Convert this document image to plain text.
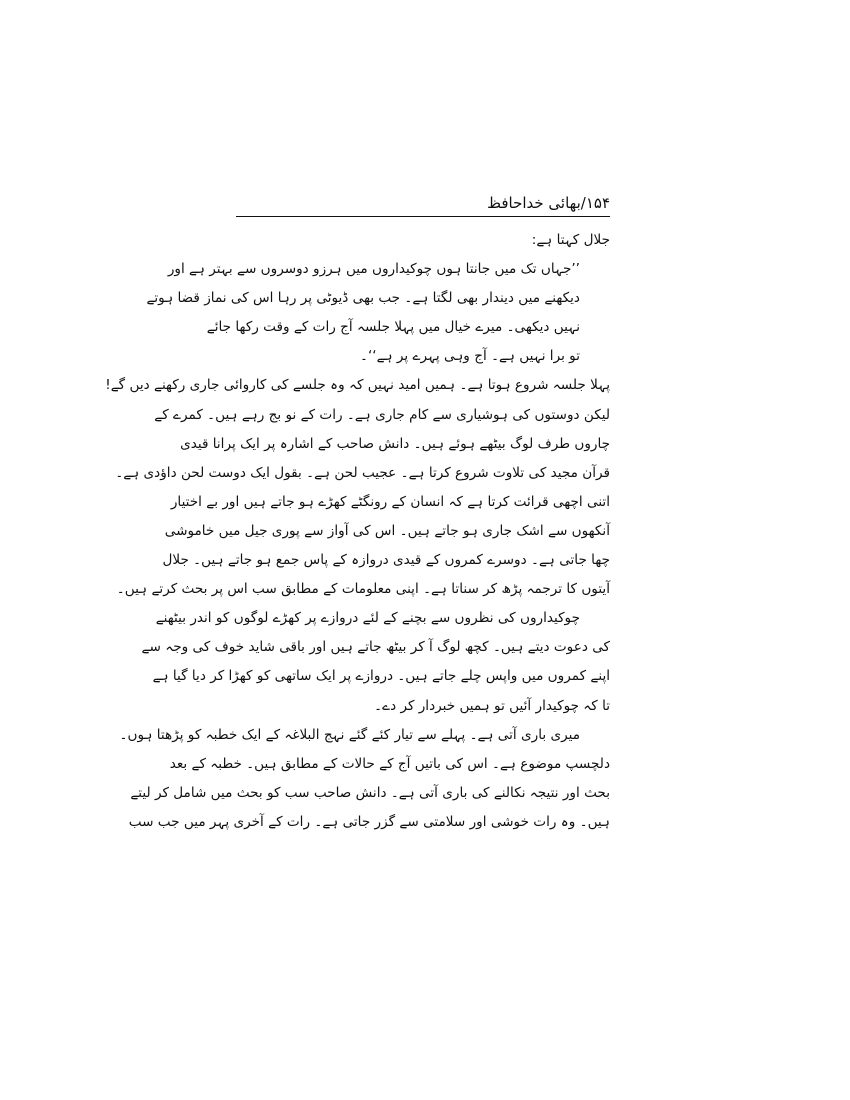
۱۵۴/بھائی خداحافظ
جلال کہتا ہے:
’’جہاں تک میں جانتا ہوں چوکیداروں میں ہرزو دوسروں سے بہتر ہے اور
دیکھنے میں دیندار بھی لگتا ہے۔ جب بھی ڈیوٹی پر رہا اس کی نماز قضا ہوتے
نہیں دیکھی۔ میرے خیال میں پہلا جلسہ آج رات کے وقت رکھا جائے
تو برا نہیں ہے۔ آج وہی پہرے پر ہے‘‘۔
پہلا جلسہ شروع ہوتا ہے۔ ہمیں امید نہیں کہ وہ جلسے کی کاروائی جاری رکھنے دیں گے!
لیکن دوستوں کی ہوشیاری سے کام جاری ہے۔ رات کے نو بج رہے ہیں۔ کمرے کے
چاروں طرف لوگ بیٹھے ہوئے ہیں۔ دانش صاحب کے اشارہ پر ایک پرانا قیدی
قرآن مجید کی تلاوت شروع کرتا ہے۔ عجیب لحن ہے۔ بقول ایک دوست لحن داؤدی ہے۔
اتنی اچھی قرائت کرتا ہے کہ انسان کے رونگٹے کھڑے ہو جاتے ہیں اور بے اختیار
آنکھوں سے اشک جاری ہو جاتے ہیں۔ اس کی آواز سے پوری جیل میں خاموشی
چھا جاتی ہے۔ دوسرے کمروں کے قیدی دروازہ کے پاس جمع ہو جاتے ہیں۔ جلال
آیتوں کا ترجمہ پڑھ کر سناتا ہے۔ اپنی معلومات کے مطابق سب اس پر بحث کرتے ہیں۔
چوکیداروں کی نظروں سے بچنے کے لئے دروازے پر کھڑے لوگوں کو اندر بیٹھنے
کی دعوت دیتے ہیں۔ کچھ لوگ آ کر بیٹھ جاتے ہیں اور باقی شاید خوف کی وجہ سے
اپنے کمروں میں واپس چلے جاتے ہیں۔ دروازے پر ایک ساتھی کو کھڑا کر دیا گیا ہے
تا کہ چوکیدار آئیں تو ہمیں خبردار کر دے۔
میری باری آتی ہے۔ پہلے سے تیار کئے گئے نہج البلاغہ کے ایک خطبہ کو پڑھتا ہوں۔
دلچسپ موضوع ہے۔ اس کی باتیں آج کے حالات کے مطابق ہیں۔ خطبہ کے بعد
بحث اور نتیجہ نکالنے کی باری آتی ہے۔ دانش صاحب سب کو بحث میں شامل کر لیتے
ہیں۔ وہ رات خوشی اور سلامتی سے گزر جاتی ہے۔ رات کے آخری پہر میں جب سب
